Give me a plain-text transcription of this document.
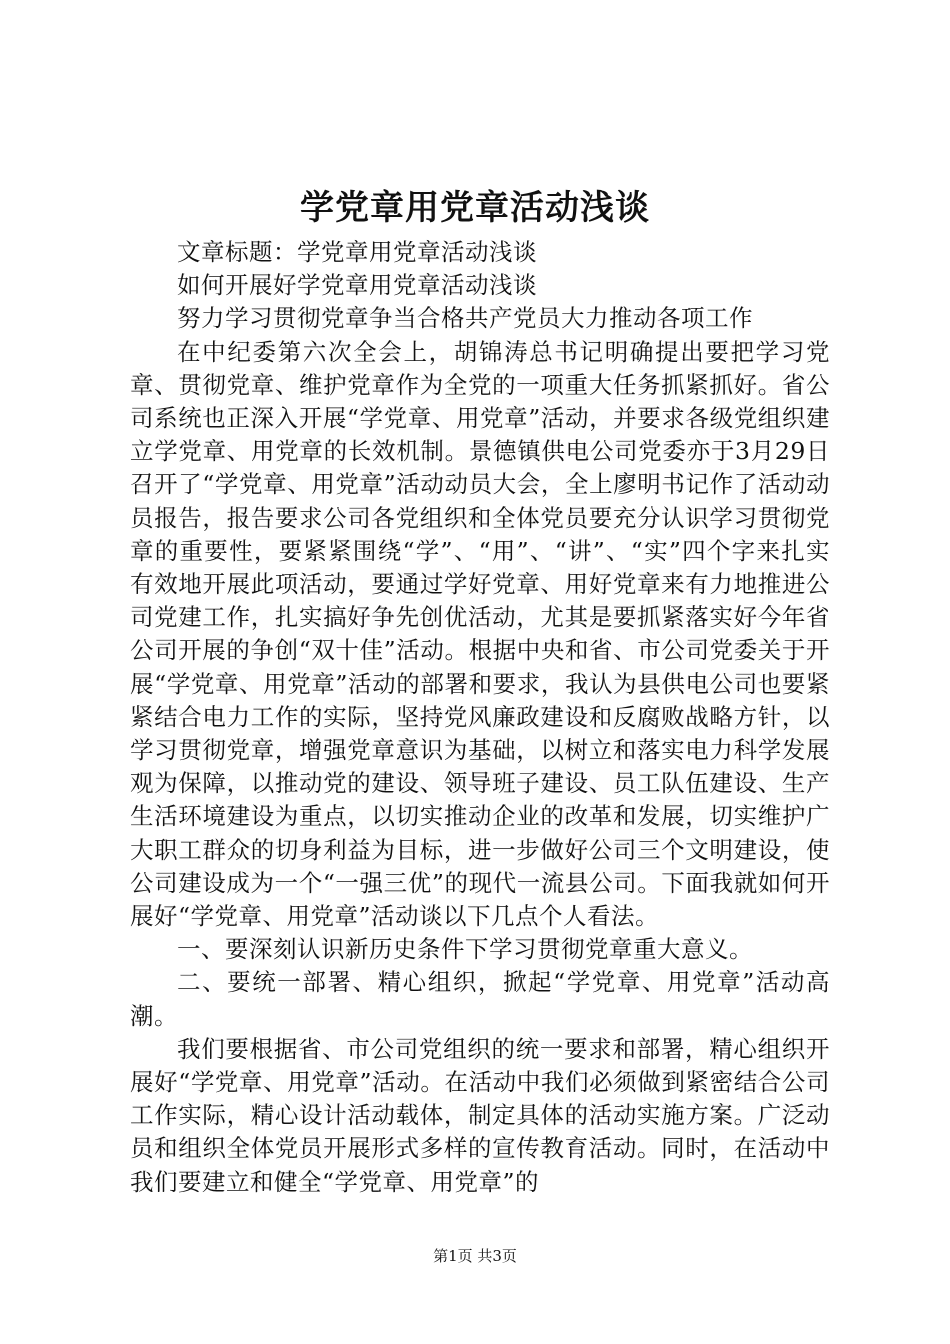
学党章用党章活动浅谈

文章标题：学党章用党章活动浅谈

如何开展好学党章用党章活动浅谈

努力学习贯彻党章争当合格共产党员大力推动各项工作

在中纪委第六次全会上，胡锦涛总书记明确提出要把学习党章、贯彻党章、维护党章作为全党的一项重大任务抓紧抓好。省公司系统也正深入开展“学党章、用党章”活动，并要求各级党组织建立学党章、用党章的长效机制。景德镇供电公司党委亦于3月29日召开了“学党章、用党章”活动动员大会，全上廖明书记作了活动动员报告，报告要求公司各党组织和全体党员要充分认识学习贯彻党章的重要性，要紧紧围绕“学”、“用”、“讲”、“实”四个字来扎实有效地开展此项活动，要通过学好党章、用好党章来有力地推进公司党建工作，扎实搞好争先创优活动，尤其是要抓紧落实好今年省公司开展的争创“双十佳”活动。根据中央和省、市公司党委关于开展“学党章、用党章”活动的部署和要求，我认为县供电公司也要紧紧结合电力工作的实际，坚持党风廉政建设和反腐败战略方针，以学习贯彻党章，增强党章意识为基础，以树立和落实电力科学发展观为保障，以推动党的建设、领导班子建设、员工队伍建设、生产生活环境建设为重点，以切实推动企业的改革和发展，切实维护广大职工群众的切身利益为目标，进一步做好公司三个文明建设，使公司建设成为一个“一强三优”的现代一流县公司。下面我就如何开展好“学党章、用党章”活动谈以下几点个人看法。

一、要深刻认识新历史条件下学习贯彻党章重大意义。

二、要统一部署、精心组织，掀起“学党章、用党章”活动高潮。

我们要根据省、市公司党组织的统一要求和部署，精心组织开展好“学党章、用党章”活动。在活动中我们必须做到紧密结合公司工作实际，精心设计活动载体，制定具体的活动实施方案。广泛动员和组织全体党员开展形式多样的宣传教育活动。同时，在活动中我们要建立和健全“学党章、用党章”的

第1页 共3页
